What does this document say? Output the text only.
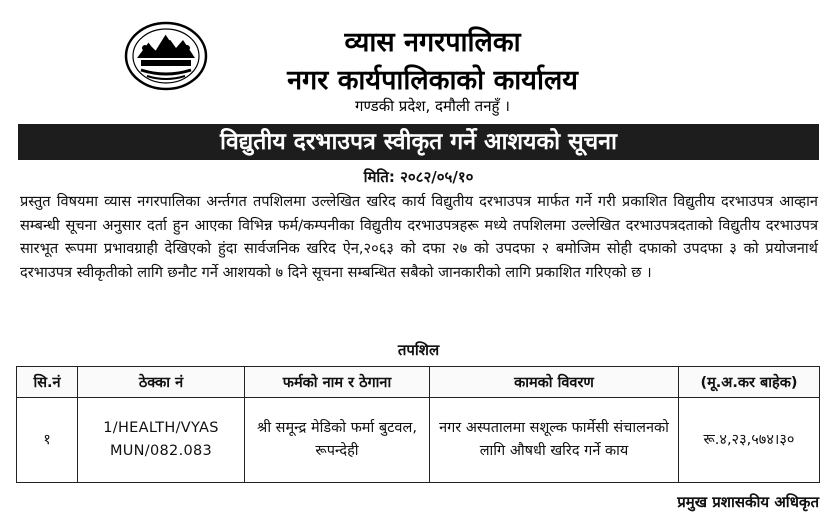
व्यास नगरपालिका
नगर कार्यपालिकाको कार्यालय
गण्डकी प्रदेश, दमौली तनहुँ ।
विद्युतीय दरभाउपत्र स्वीकृत गर्ने आशयको सूचना
मिति: २०८२/०५/१०
प्रस्तुत विषयमा व्यास नगरपालिका अर्न्तगत तपशिलमा उल्लेखित खरिद कार्य विद्युतीय दरभाउपत्र मार्फत गर्ने गरी प्रकाशित विद्युतीय दरभाउपत्र आव्हान सम्बन्धी सूचना अनुसार दर्ता हुन आएका विभिन्न फर्म/कम्पनीका विद्युतीय दरभाउपत्रहरू मध्ये तपशिलमा उल्लेखित दरभाउपत्रदताको विद्युतीय दरभाउपत्र सारभूत रूपमा प्रभावग्राही देखिएको हुंदा सार्वजनिक खरिद ऐन,२०६३ को दफा २७ को उपदफा २ बमोजिम सोही दफाको उपदफा ३ को प्रयोजनार्थ दरभाउपत्र स्वीकृतीको लागि छनौट गर्ने आशयको ७ दिने सूचना सम्बन्धित सबैको जानकारीको लागि प्रकाशित गरिएको छ ।
तपशिल
सि.नं	ठेक्का नं	फर्मको नाम र ठेगाना	कामको विवरण	(मू.अ.कर बाहेक)
१	1/HEALTH/VYAS MUN/082.083	श्री समून्द्र मेडिको फर्मा बुटवल, रूपन्देही	नगर अस्पतालमा सशूल्क फार्मेसी संचालनको लागि औषधी खरिद गर्ने काय	रू.४,२३,५७४।३०
प्रमुख प्रशासकीय अधिकृत
